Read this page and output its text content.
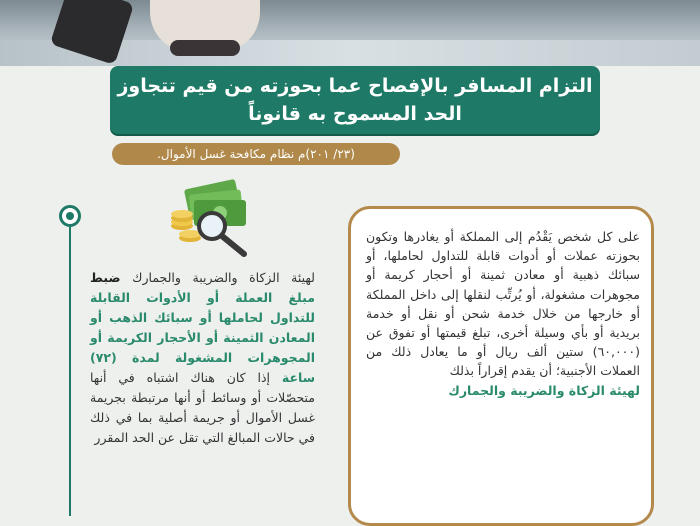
التزام المسافر بالإفصاح عما بحوزته من قيم تتجاوز
الحد المسموح به قانوناً
(٢٣/ ٢٠١)م نظام مكافحة غسل الأموال.
على كل شخص يَقْدُم إلى المملكة أو يغادرها وتكون بحوزته عملات أو أدوات قابلة للتداول لحاملها، أو سبائك ذهبية أو معادن ثمينة أو أحجار كريمة أو مجوهرات مشغولة، أو يُرتِّب لنقلها إلى داخل المملكة أو خارجها من خلال خدمة شحن أو نقل أو خدمة بريدية أو بأي وسيلة أخرى، تبلغ قيمتها أو تفوق عن (٦٠,٠٠٠) ستين ألف ريال أو ما يعادل ذلك من العملات الأجنبية؛ أن يقدم إقراراً بذلك
لهيئة الزكاة والضريبة والجمارك
لهيئة الزكاة والضريبة والجمارك ضبط مبلغ العملة أو الأدوات القابلة للتداول لحاملها أو سبائك الذهب أو المعادن الثمينة أو الأحجار الكريمة أو المجوهرات المشغولة لمدة (٧٢) ساعة إذا كان هناك اشتباه في أنها متحصّلات أو وسائط أو أنها مرتبطة بجريمة غسل الأموال أو جريمة أصلية بما في ذلك في حالات المبالغ التي تقل عن الحد المقرر
